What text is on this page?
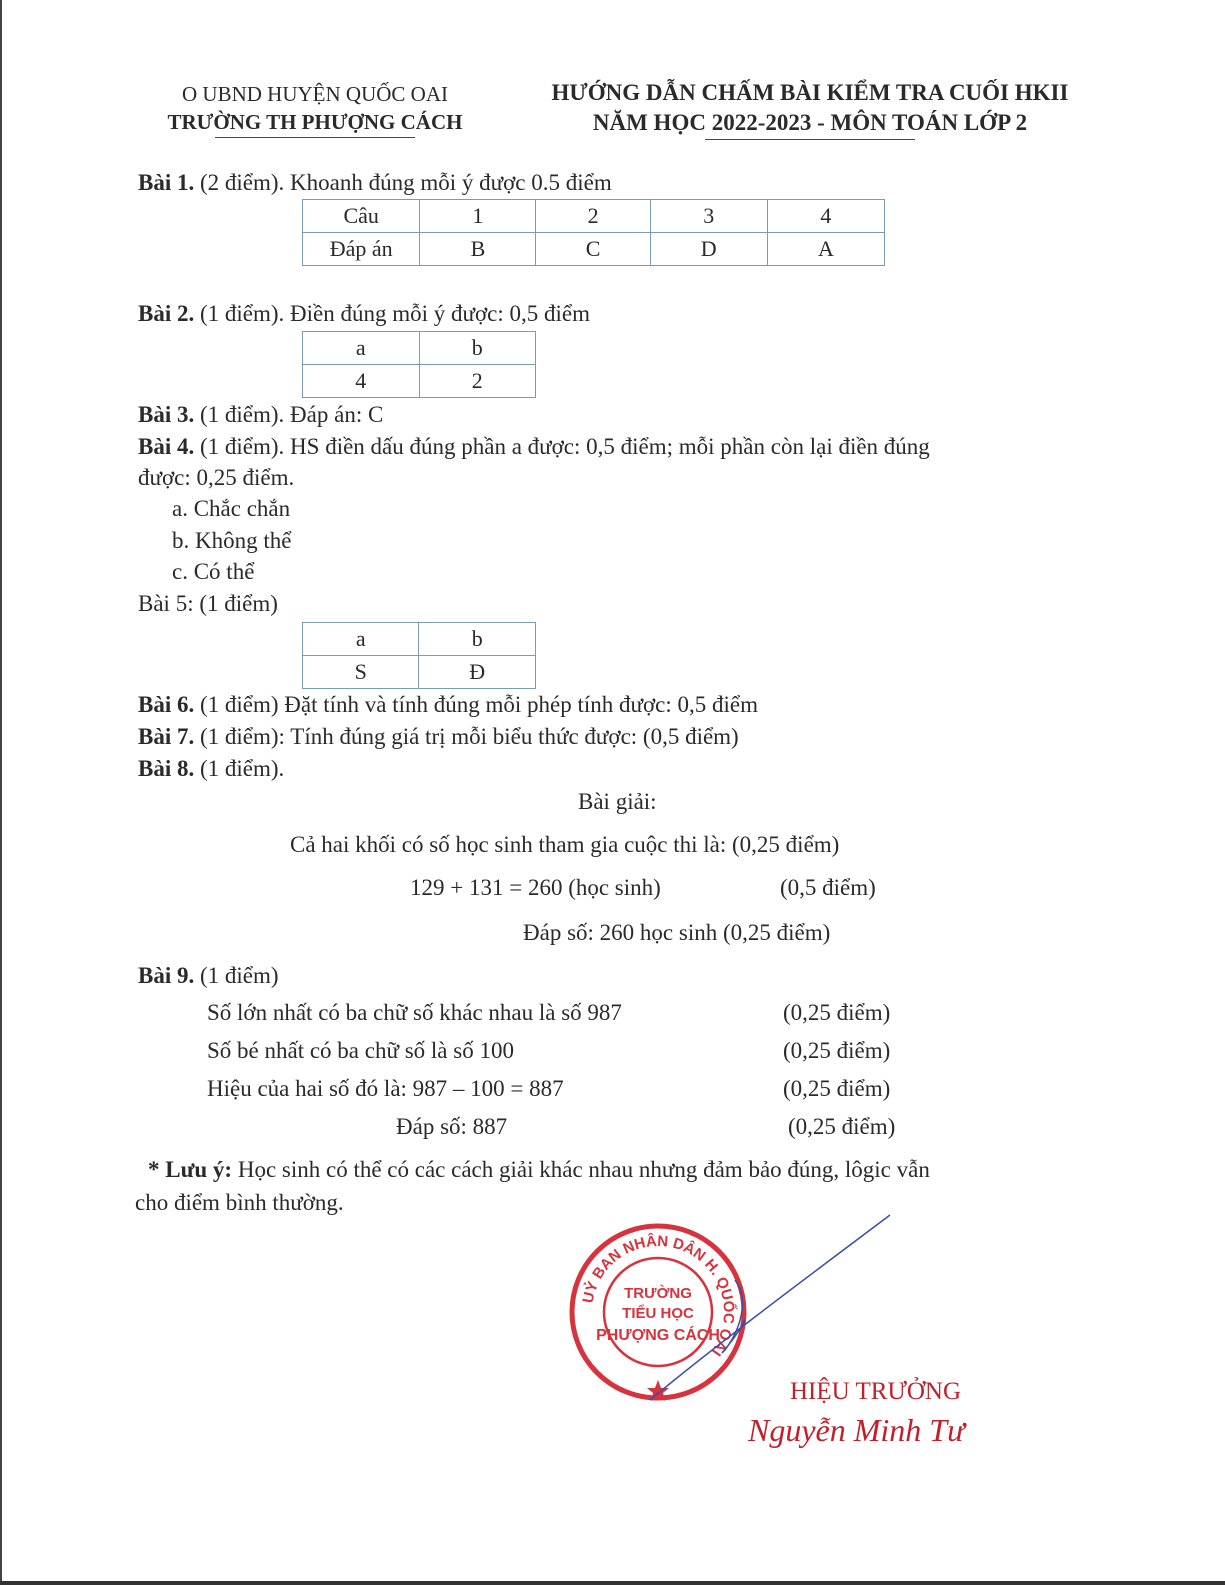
O UBND HUYỆN QUỐC OAI
TRƯỜNG TH PHƯỢNG CÁCH
HƯỚNG DẪN CHẤM BÀI KIỂM TRA CUỐI HKII
NĂM HỌC 2022-2023 - MÔN TOÁN LỚP 2
Bài 1. (2 điểm). Khoanh đúng mỗi ý được 0.5 điểm
Câu	1	2	3	4
Đáp án	B	C	D	A
Bài 2. (1 điểm). Điền đúng mỗi ý được: 0,5 điểm
a	b
4	2
Bài 3. (1 điểm). Đáp án: C
Bài 4. (1 điểm). HS điền dấu đúng phần a được: 0,5 điểm; mỗi phần còn lại điền đúng
được: 0,25 điểm.
a. Chắc chắn
b. Không thể
c. Có thể
Bài 5: (1 điểm)
a	b
S	Đ
Bài 6. (1 điểm) Đặt tính và tính đúng mỗi phép tính được: 0,5 điểm
Bài 7. (1 điểm): Tính đúng giá trị mỗi biểu thức được: (0,5 điểm)
Bài 8. (1 điểm).
Bài giải:
Cả hai khối có số học sinh tham gia cuộc thi là: (0,25 điểm)
129 + 131 = 260 (học sinh)	(0,5 điểm)
Đáp số: 260 học sinh (0,25 điểm)
Bài 9. (1 điểm)
Số lớn nhất có ba chữ số khác nhau là số 987	(0,25 điểm)
Số bé nhất có ba chữ số là số 100	(0,25 điểm)
Hiệu của hai số đó là: 987 – 100 = 887	(0,25 điểm)
Đáp số: 887	(0,25 điểm)
* Lưu ý: Học sinh có thể có các cách giải khác nhau nhưng đảm bảo đúng, lôgic vẫn
cho điểm bình thường.
UỶ BAN NHÂN DÂN H. QUỐC OAI
TRƯỜNG
TIỂU HỌC
PHƯỢNG CÁCH
HIỆU TRƯỞNG
Nguyễn Minh Tư
